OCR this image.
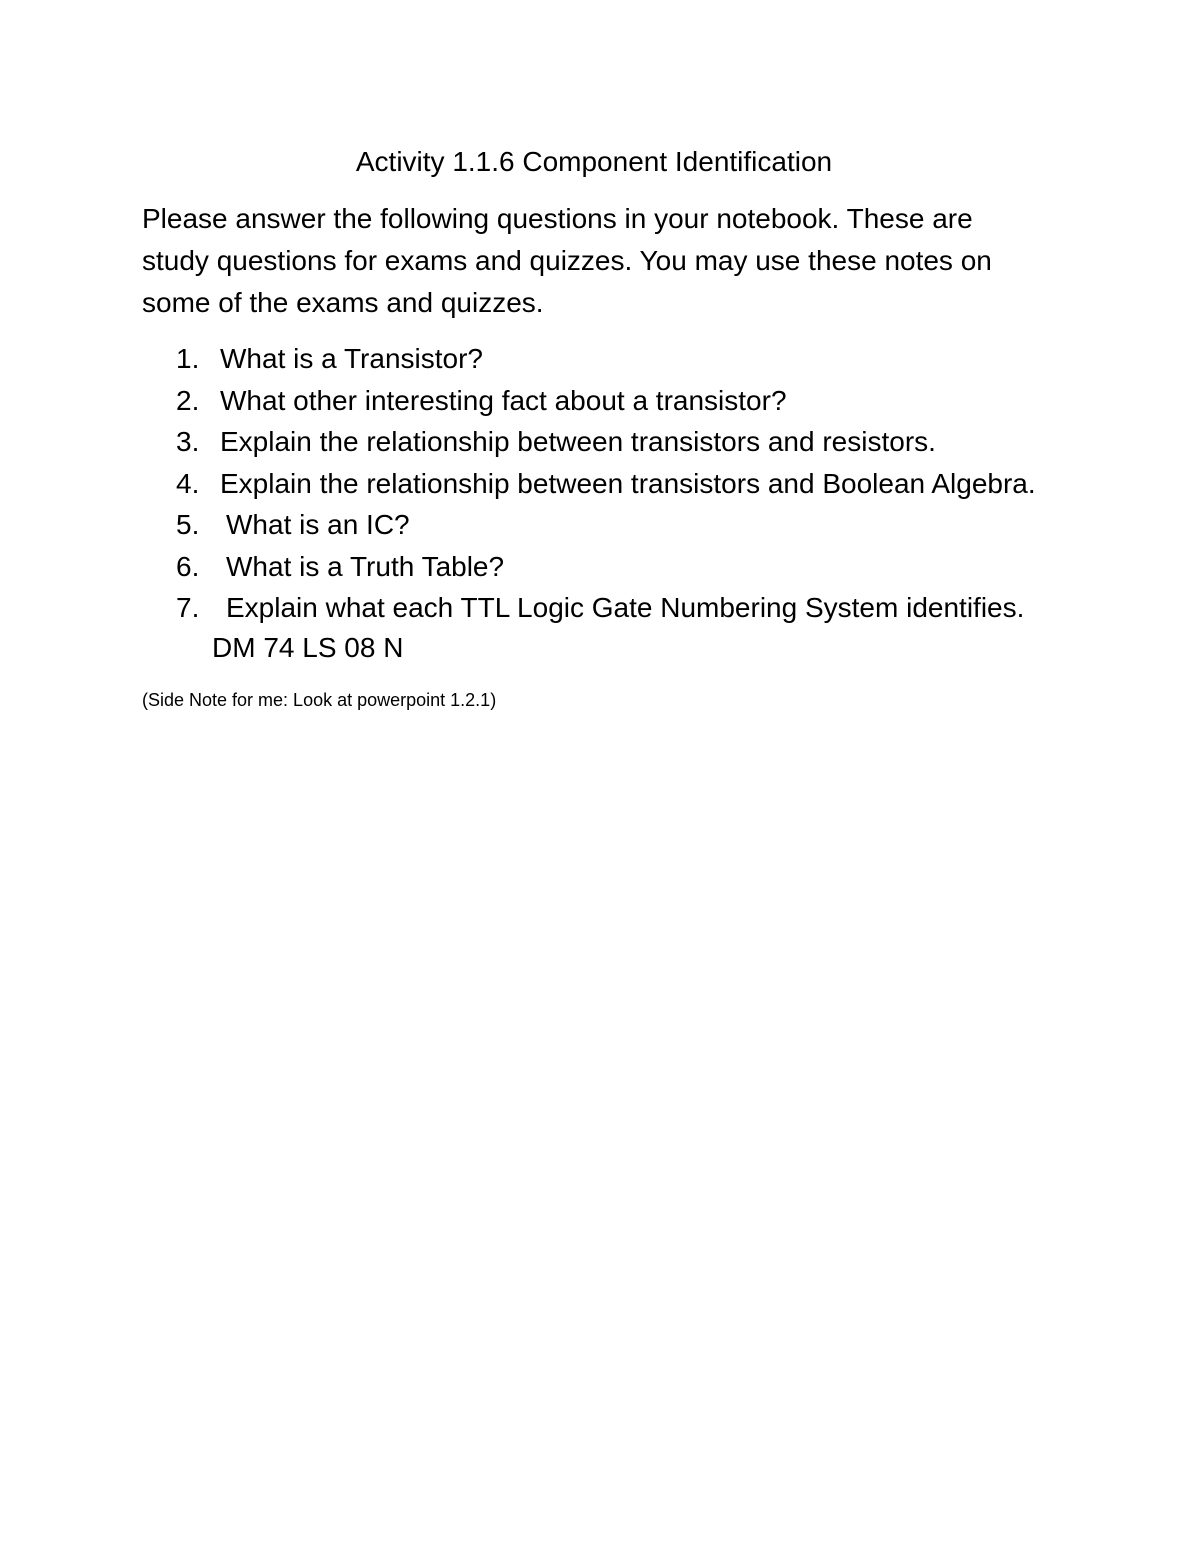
Activity 1.1.6 Component Identification

Please answer the following questions in your notebook. These are study questions for exams and quizzes. You may use these notes on some of the exams and quizzes.

1. What is a Transistor?
2. What other interesting fact about a transistor?
3. Explain the relationship between transistors and resistors.
4. Explain the relationship between transistors and Boolean Algebra.
5. What is an IC?
6. What is a Truth Table?
7. Explain what each TTL Logic Gate Numbering System identifies.

DM 74 LS 08 N

(Side Note for me: Look at powerpoint 1.2.1)
